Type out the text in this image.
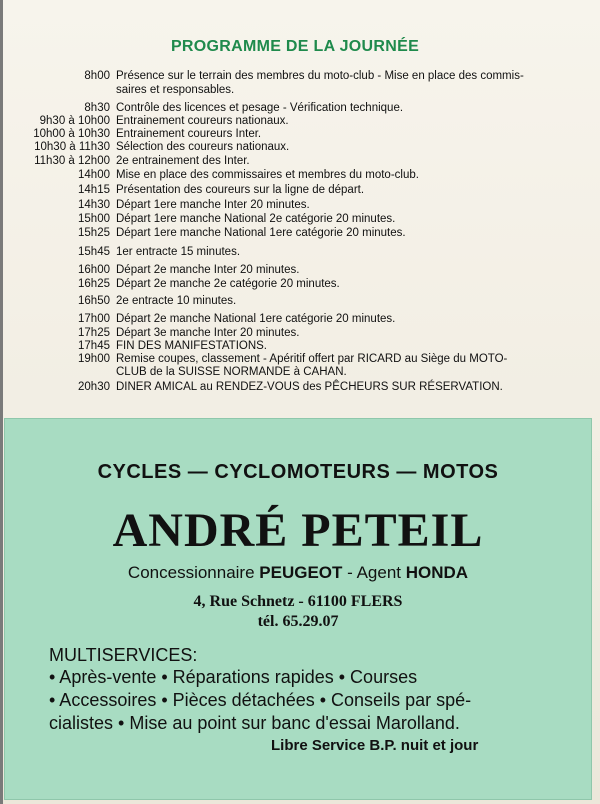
PROGRAMME DE LA JOURNÉE
8h00 Présence sur le terrain des membres du moto-club - Mise en place des commis-
saires et responsables.
8h30 Contrôle des licences et pesage - Vérification technique.
9h30 à 10h00 Entrainement coureurs nationaux.
10h00 à 10h30 Entrainement coureurs Inter.
10h30 à 11h30 Sélection des coureurs nationaux.
11h30 à 12h00 2e entrainement des Inter.
14h00 Mise en place des commissaires et membres du moto-club.
14h15 Présentation des coureurs sur la ligne de départ.
14h30 Départ 1ere manche Inter 20 minutes.
15h00 Départ 1ere manche National 2e catégorie 20 minutes.
15h25 Départ 1ere manche National 1ere catégorie 20 minutes.
15h45 1er entracte 15 minutes.
16h00 Départ 2e manche Inter 20 minutes.
16h25 Départ 2e manche 2e catégorie 20 minutes.
16h50 2e entracte 10 minutes.
17h00 Départ 2e manche National 1ere catégorie 20 minutes.
17h25 Départ 3e manche Inter 20 minutes.
17h45 FIN DES MANIFESTATIONS.
19h00 Remise coupes, classement - Apéritif offert par RICARD au Siège du MOTO-
CLUB de la SUISSE NORMANDE à CAHAN.
20h30 DINER AMICAL au RENDEZ-VOUS des PÊCHEURS SUR RÉSERVATION.
CYCLES — CYCLOMOTEURS — MOTOS
ANDRÉ PETEIL
Concessionnaire PEUGEOT - Agent HONDA
4, Rue Schnetz - 61100 FLERS
tél. 65.29.07
MULTISERVICES:
• Après-vente • Réparations rapides • Courses
• Accessoires • Pièces détachées • Conseils par spé-
cialistes • Mise au point sur banc d'essai Marolland.
Libre Service B.P. nuit et jour
